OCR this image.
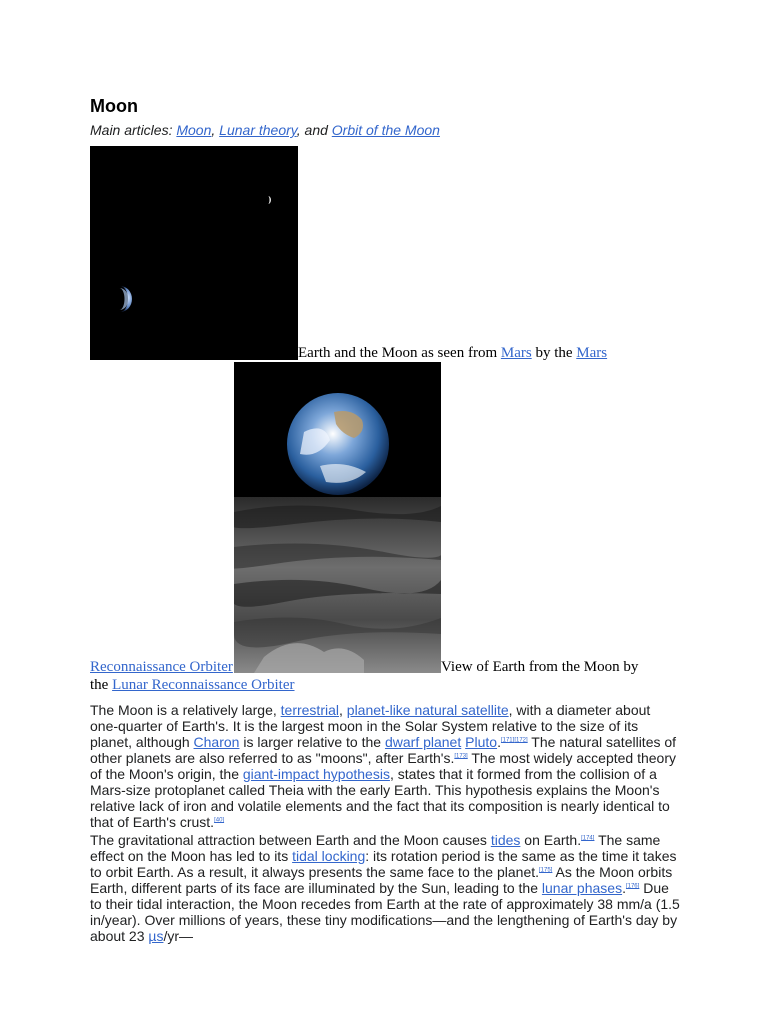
Moon
Main articles: Moon, Lunar theory, and Orbit of the Moon
Earth and the Moon as seen from Mars by the Mars
Reconnaissance Orbiter	View of Earth from the Moon by
the Lunar Reconnaissance Orbiter

The Moon is a relatively large, terrestrial, planet-like natural satellite, with a diameter about one-quarter of Earth's. It is the largest moon in the Solar System relative to the size of its planet, although Charon is larger relative to the dwarf planet Pluto.[171][172] The natural satellites of other planets are also referred to as "moons", after Earth's.[173] The most widely accepted theory of the Moon's origin, the giant-impact hypothesis, states that it formed from the collision of a Mars-size protoplanet called Theia with the early Earth. This hypothesis explains the Moon's relative lack of iron and volatile elements and the fact that its composition is nearly identical to that of Earth's crust.[40]

The gravitational attraction between Earth and the Moon causes tides on Earth.[174] The same effect on the Moon has led to its tidal locking: its rotation period is the same as the time it takes to orbit Earth. As a result, it always presents the same face to the planet.[175] As the Moon orbits Earth, different parts of its face are illuminated by the Sun, leading to the lunar phases.[176] Due to their tidal interaction, the Moon recedes from Earth at the rate of approximately 38 mm/a (1.5 in/year). Over millions of years, these tiny modifications—and the lengthening of Earth's day by about 23 µs/yr—
